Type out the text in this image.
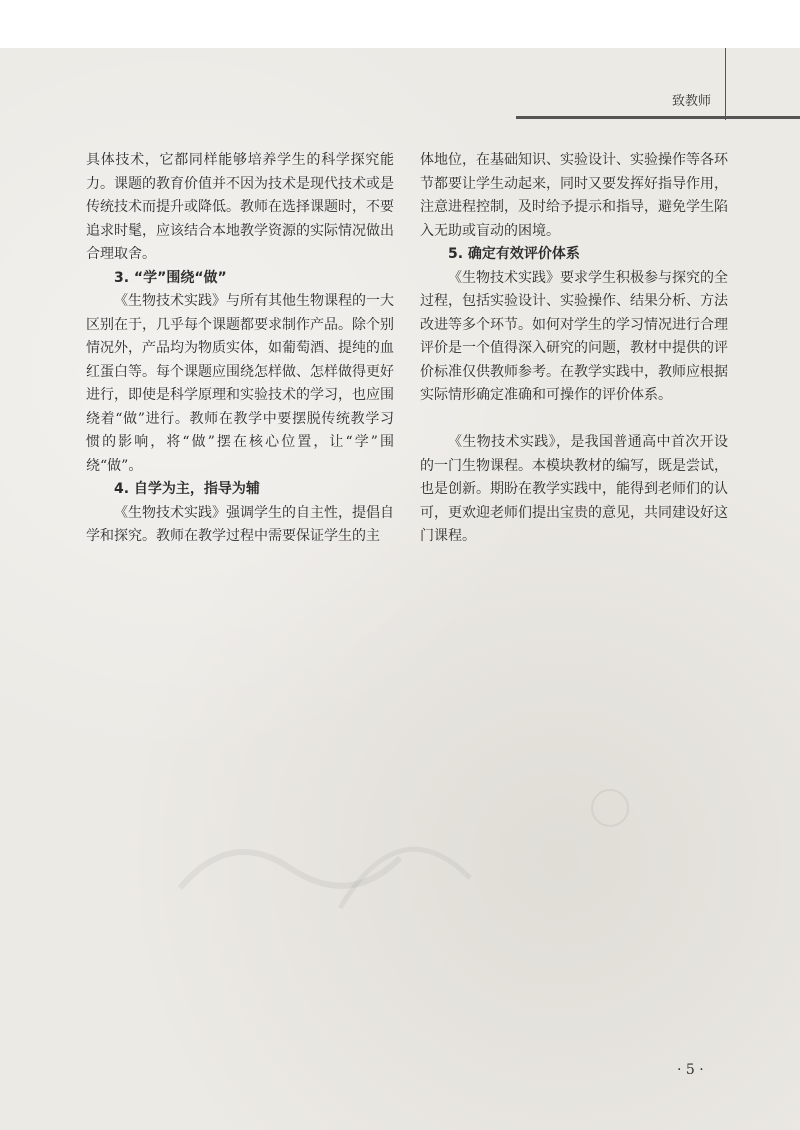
致教师

具体技术，它都同样能够培养学生的科学探究能力。课题的教育价值并不因为技术是现代技术或是传统技术而提升或降低。教师在选择课题时，不要追求时髦，应该结合本地教学资源的实际情况做出合理取舍。

3. “学”围绕“做”

《生物技术实践》与所有其他生物课程的一大区别在于，几乎每个课题都要求制作产品。除个别情况外，产品均为物质实体，如葡萄酒、提纯的血红蛋白等。每个课题应围绕怎样做、怎样做得更好进行，即使是科学原理和实验技术的学习，也应围绕着“做”进行。教师在教学中要摆脱传统教学习惯的影响，将“做”摆在核心位置，让“学”围绕“做”。

4. 自学为主，指导为辅

《生物技术实践》强调学生的自主性，提倡自学和探究。教师在教学过程中需要保证学生的主

体地位，在基础知识、实验设计、实验操作等各环节都要让学生动起来，同时又要发挥好指导作用，注意进程控制，及时给予提示和指导，避免学生陷入无助或盲动的困境。

5. 确定有效评价体系

《生物技术实践》要求学生积极参与探究的全过程，包括实验设计、实验操作、结果分析、方法改进等多个环节。如何对学生的学习情况进行合理评价是一个值得深入研究的问题，教材中提供的评价标准仅供教师参考。在教学实践中，教师应根据实际情形确定准确和可操作的评价体系。

《生物技术实践》，是我国普通高中首次开设的一门生物课程。本模块教材的编写，既是尝试，也是创新。期盼在教学实践中，能得到老师们的认可，更欢迎老师们提出宝贵的意见，共同建设好这门课程。

· 5 ·
